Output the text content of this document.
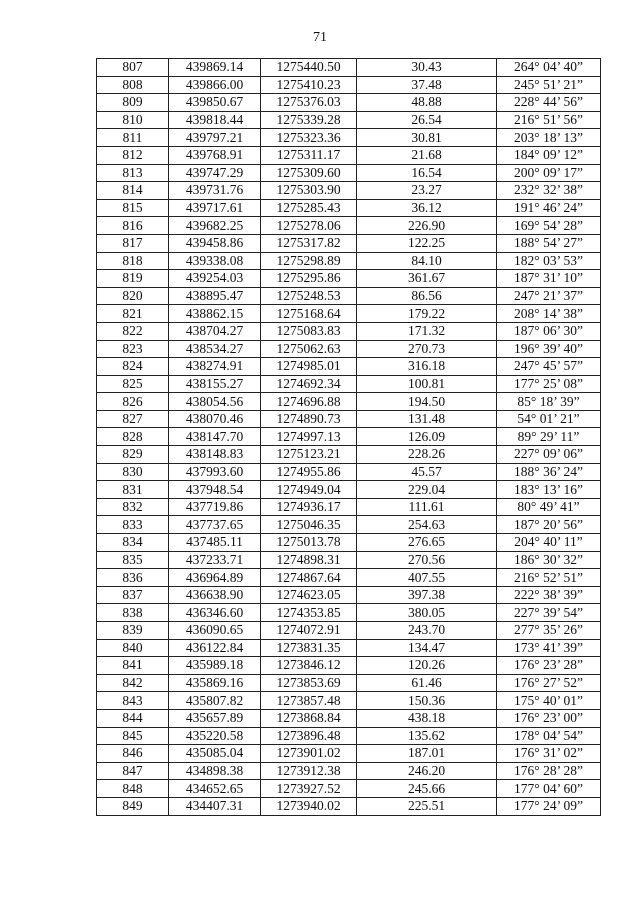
71
807	439869.14	1275440.50	30.43	264° 04’ 40”
808	439866.00	1275410.23	37.48	245° 51’ 21”
809	439850.67	1275376.03	48.88	228° 44’ 56”
810	439818.44	1275339.28	26.54	216° 51’ 56”
811	439797.21	1275323.36	30.81	203° 18’ 13”
812	439768.91	1275311.17	21.68	184° 09’ 12”
813	439747.29	1275309.60	16.54	200° 09’ 17”
814	439731.76	1275303.90	23.27	232° 32’ 38”
815	439717.61	1275285.43	36.12	191° 46’ 24”
816	439682.25	1275278.06	226.90	169° 54’ 28”
817	439458.86	1275317.82	122.25	188° 54’ 27”
818	439338.08	1275298.89	84.10	182° 03’ 53”
819	439254.03	1275295.86	361.67	187° 31’ 10”
820	438895.47	1275248.53	86.56	247° 21’ 37”
821	438862.15	1275168.64	179.22	208° 14’ 38”
822	438704.27	1275083.83	171.32	187° 06’ 30”
823	438534.27	1275062.63	270.73	196° 39’ 40”
824	438274.91	1274985.01	316.18	247° 45’ 57”
825	438155.27	1274692.34	100.81	177° 25’ 08”
826	438054.56	1274696.88	194.50	85° 18’ 39”
827	438070.46	1274890.73	131.48	54° 01’ 21”
828	438147.70	1274997.13	126.09	89° 29’ 11”
829	438148.83	1275123.21	228.26	227° 09’ 06”
830	437993.60	1274955.86	45.57	188° 36’ 24”
831	437948.54	1274949.04	229.04	183° 13’ 16”
832	437719.86	1274936.17	111.61	80° 49’ 41”
833	437737.65	1275046.35	254.63	187° 20’ 56”
834	437485.11	1275013.78	276.65	204° 40’ 11”
835	437233.71	1274898.31	270.56	186° 30’ 32”
836	436964.89	1274867.64	407.55	216° 52’ 51”
837	436638.90	1274623.05	397.38	222° 38’ 39”
838	436346.60	1274353.85	380.05	227° 39’ 54”
839	436090.65	1274072.91	243.70	277° 35’ 26”
840	436122.84	1273831.35	134.47	173° 41’ 39”
841	435989.18	1273846.12	120.26	176° 23’ 28”
842	435869.16	1273853.69	61.46	176° 27’ 52”
843	435807.82	1273857.48	150.36	175° 40’ 01”
844	435657.89	1273868.84	438.18	176° 23’ 00”
845	435220.58	1273896.48	135.62	178° 04’ 54”
846	435085.04	1273901.02	187.01	176° 31’ 02”
847	434898.38	1273912.38	246.20	176° 28’ 28”
848	434652.65	1273927.52	245.66	177° 04’ 60”
849	434407.31	1273940.02	225.51	177° 24’ 09”
